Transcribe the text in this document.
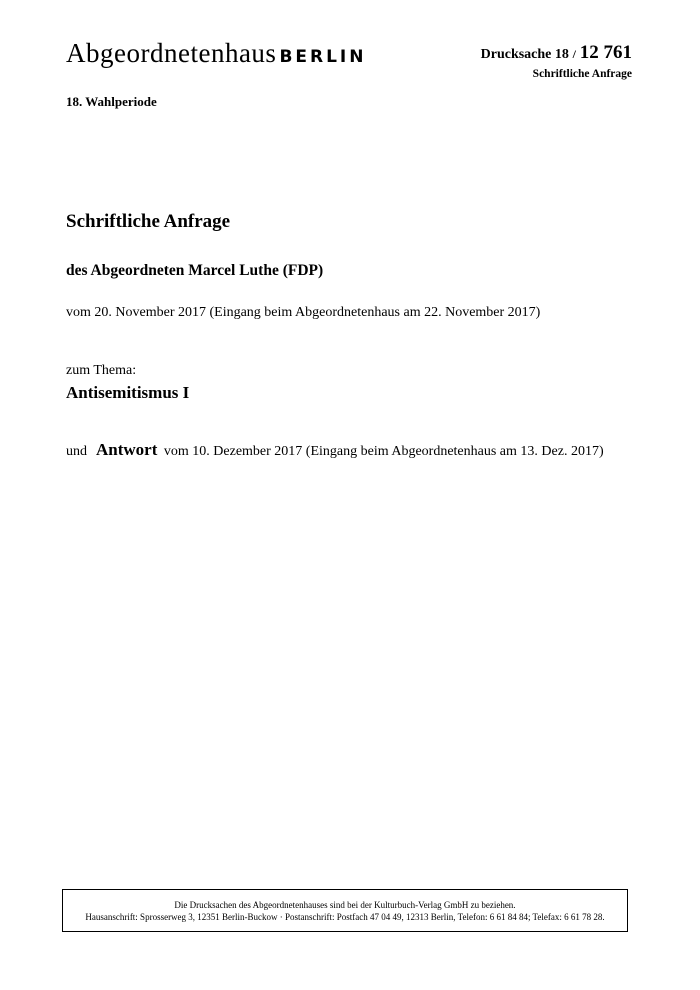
Abgeordnetenhaus BERLIN	Drucksache 18 / 12 761
Schriftliche Anfrage
18. Wahlperiode
Schriftliche Anfrage
des Abgeordneten Marcel Luthe (FDP)
vom 20. November 2017 (Eingang beim Abgeordnetenhaus am 22. November 2017)
zum Thema:
Antisemitismus I
und Antwort vom 10. Dezember 2017 (Eingang beim Abgeordnetenhaus am 13. Dez. 2017)
Die Drucksachen des Abgeordnetenhauses sind bei der Kulturbuch-Verlag GmbH zu beziehen.
Hausanschrift: Sprosserweg 3, 12351 Berlin-Buckow · Postanschrift: Postfach 47 04 49, 12313 Berlin, Telefon: 6 61 84 84; Telefax: 6 61 78 28.
